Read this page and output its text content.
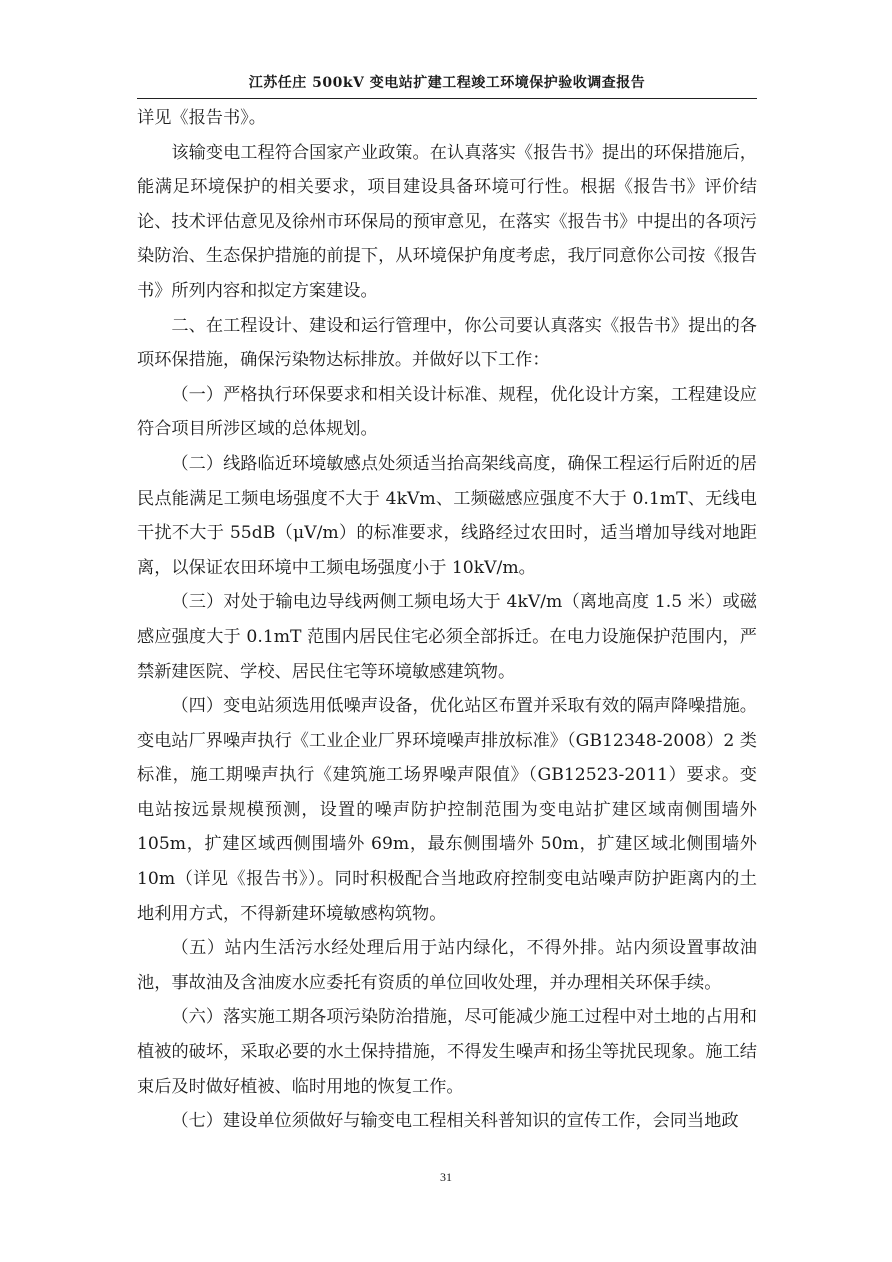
江苏任庄 500kV 变电站扩建工程竣工环境保护验收调查报告

详见《报告书》。

该输变电工程符合国家产业政策。在认真落实《报告书》提出的环保措施后，能满足环境保护的相关要求，项目建设具备环境可行性。根据《报告书》评价结论、技术评估意见及徐州市环保局的预审意见，在落实《报告书》中提出的各项污染防治、生态保护措施的前提下，从环境保护角度考虑，我厅同意你公司按《报告书》所列内容和拟定方案建设。

二、在工程设计、建设和运行管理中，你公司要认真落实《报告书》提出的各项环保措施，确保污染物达标排放。并做好以下工作：

（一）严格执行环保要求和相关设计标准、规程，优化设计方案，工程建设应符合项目所涉区域的总体规划。

（二）线路临近环境敏感点处须适当抬高架线高度，确保工程运行后附近的居民点能满足工频电场强度不大于 4kVm、工频磁感应强度不大于 0.1mT、无线电干扰不大于 55dB（μV/m）的标准要求，线路经过农田时，适当增加导线对地距离，以保证农田环境中工频电场强度小于 10kV/m。

（三）对处于输电边导线两侧工频电场大于 4kV/m（离地高度 1.5 米）或磁感应强度大于 0.1mT 范围内居民住宅必须全部拆迁。在电力设施保护范围内，严禁新建医院、学校、居民住宅等环境敏感建筑物。

（四）变电站须选用低噪声设备，优化站区布置并采取有效的隔声降噪措施。变电站厂界噪声执行《工业企业厂界环境噪声排放标准》（GB12348-2008）2 类标准，施工期噪声执行《建筑施工场界噪声限值》（GB12523-2011）要求。变电站按远景规模预测，设置的噪声防护控制范围为变电站扩建区域南侧围墙外 105m，扩建区域西侧围墙外 69m，最东侧围墙外 50m，扩建区域北侧围墙外 10m（详见《报告书》）。同时积极配合当地政府控制变电站噪声防护距离内的土地利用方式，不得新建环境敏感构筑物。

（五）站内生活污水经处理后用于站内绿化，不得外排。站内须设置事故油池，事故油及含油废水应委托有资质的单位回收处理，并办理相关环保手续。

（六）落实施工期各项污染防治措施，尽可能减少施工过程中对土地的占用和植被的破坏，采取必要的水土保持措施，不得发生噪声和扬尘等扰民现象。施工结束后及时做好植被、临时用地的恢复工作。

（七）建设单位须做好与输变电工程相关科普知识的宣传工作，会同当地政

31
